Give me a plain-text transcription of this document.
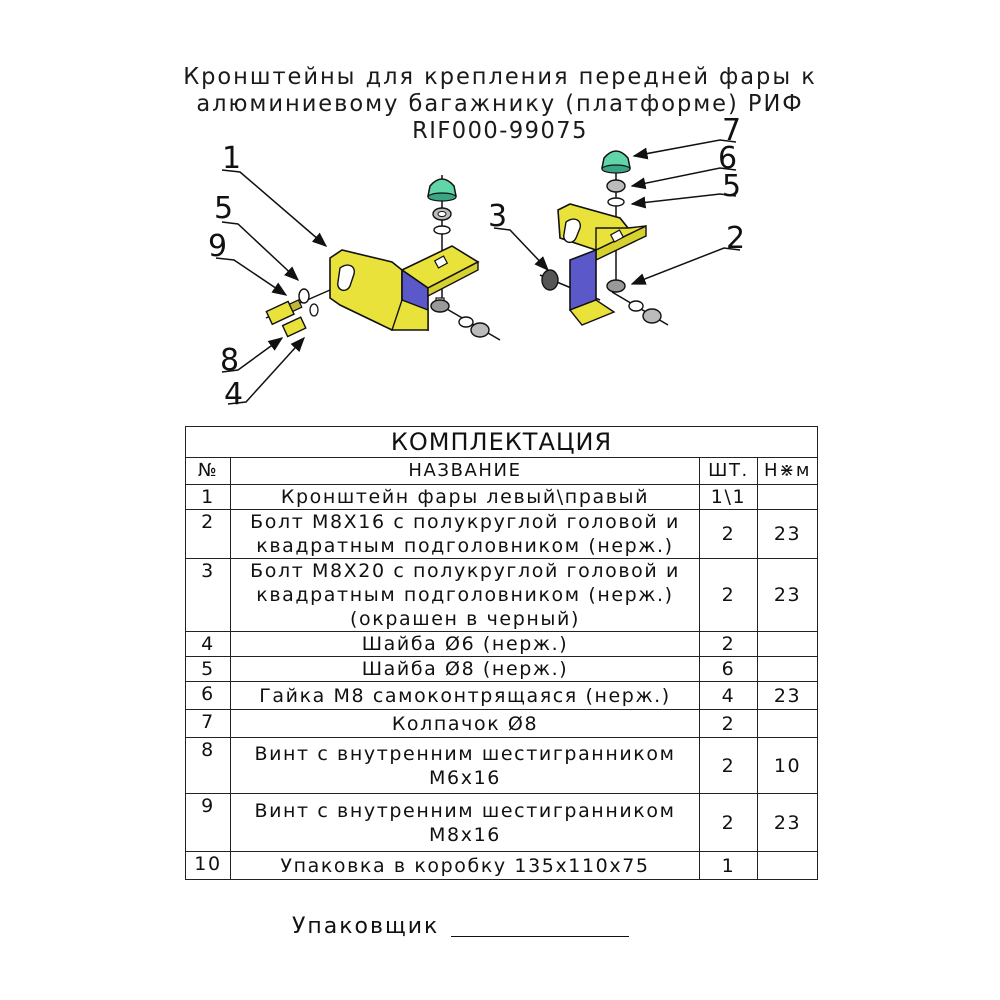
Кронштейны для крепления передней фары к
алюминиевому багажнику (платформе) РИФ
RIF000-99075
1
5
9
8
4
3
7
6
5
2
КОМПЛЕКТАЦИЯ			
№	НАЗВАНИЕ	ШТ.	Н⋇м
1	Кронштейн фары левый\правый	1\1	
2	Болт М8Х16 с полукруглой головой и
квадратным подголовником (нерж.)	2	23
3	Болт М8Х20 с полукруглой головой и
квадратным подголовником (нерж.)
(окрашен в черный)	2	23
4	Шайба Ø6 (нерж.)	2	
5	Шайба Ø8 (нерж.)	6	
6	Гайка М8 самоконтрящаяся (нерж.)	4	23
7	Колпачок Ø8	2	
8	Винт с внутренним шестигранником
М6х16	2	10
9	Винт с внутренним шестигранником
М8х16	2	23
10	Упаковка в коробку 135х110х75	1	
Упаковщик
